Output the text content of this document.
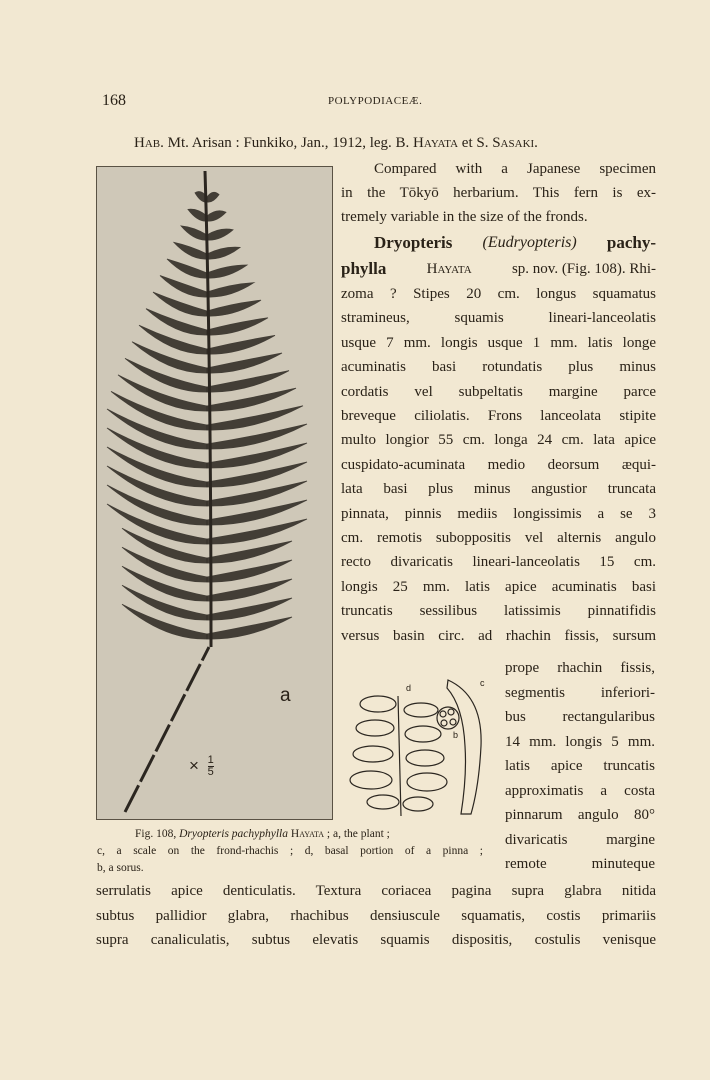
168	POLYPODIACEÆ.
Hab. Mt. Arisan : Funkiko, Jan., 1912, leg. B. Hayata et S. Sasaki.
Compared with a Japanese specimen
in the Tōkyō herbarium. This fern is ex-
tremely variable in the size of the fronds.
Dryopteris (Eudryopteris) pachy-
phylla	Hayata	sp. nov. (Fig. 108). Rhi-
zoma ? Stipes 20 cm. longus squamatus
stramineus, squamis lineari-lanceolatis
usque 7 mm. longis usque 1 mm. latis longe
acuminatis basi rotundatis plus minus
cordatis vel subpeltatis margine parce
breveque ciliolatis. Frons lanceolata stipite
multo longior 55 cm. longa 24 cm. lata apice
cuspidato-acuminata medio deorsum æqui-
lata basi plus minus angustior truncata
pinnata, pinnis mediis longissimis a se 3
cm. remotis suboppositis vel alternis angulo
recto divaricatis lineari-lanceolatis 15 cm.
longis 25 mm. latis apice acuminatis basi
truncatis sessilibus latissimis pinnatifidis
versus basin circ. ad rhachin fissis, sursum
prope rhachin fissis,
segmentis inferiori-
bus rectangularibus
14 mm. longis 5 mm.
latis apice truncatis
approximatis a costa
pinnarum angulo 80°
divaricatis margine
remote minuteque
serrulatis apice denticulatis. Textura coriacea pagina supra glabra nitida
subtus pallidior glabra, rhachibus densiuscule squamatis, costis primariis
supra canaliculatis, subtus elevatis squamis dispositis, costulis venisque
a
× $\frac{1}{5}$
d	c
b
Fig. 108, Dryopteris pachyphylla Hayata ; a, the plant ;
c, a scale on the frond-rhachis ; d, basal portion of a pinna ;
b, a sorus.
